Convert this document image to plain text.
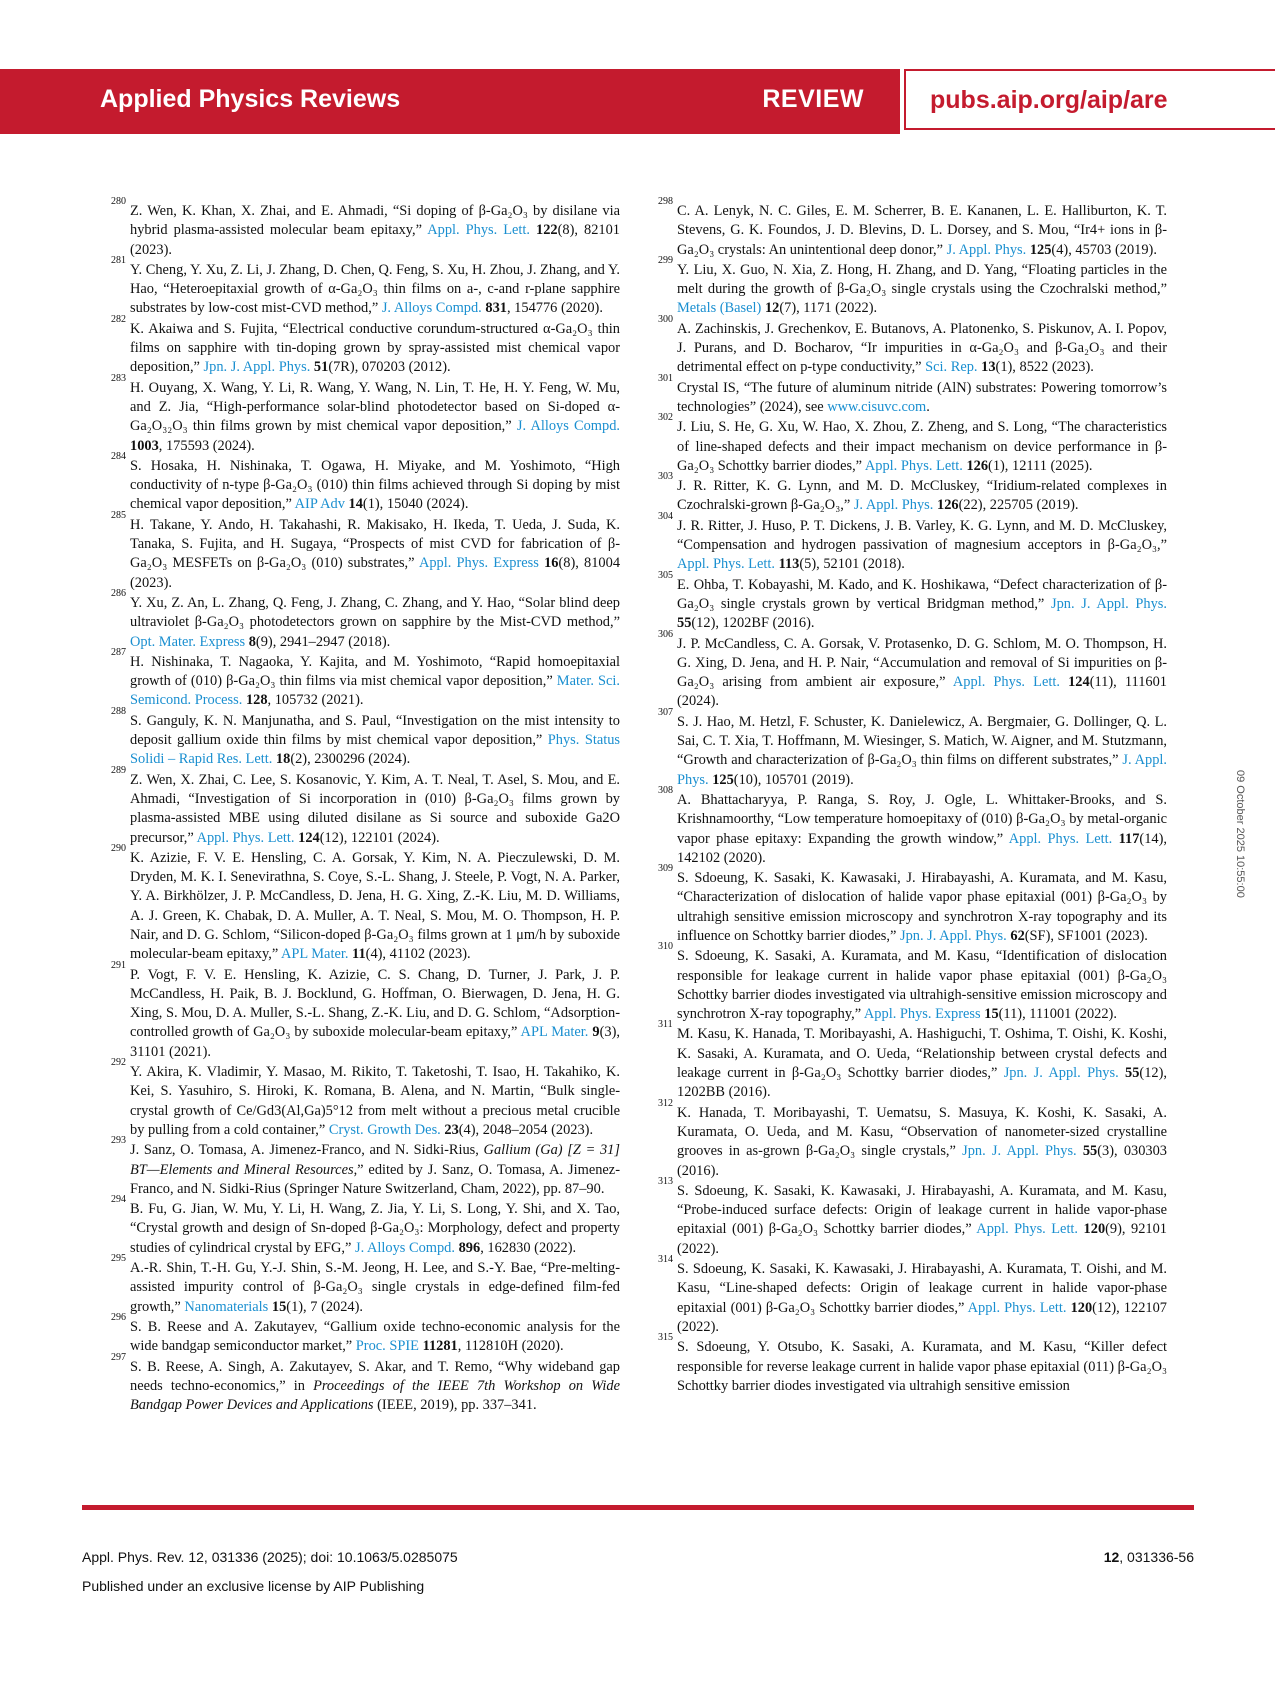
Applied Physics Reviews	REVIEW	pubs.aip.org/aip/are
280
Z. Wen, K. Khan, X. Zhai, and E. Ahmadi, “Si doping of β-Ga₂O₃ by disilane via hybrid plasma-assisted molecular beam epitaxy,” Appl. Phys. Lett. 122(8), 82101 (2023).
281
Y. Cheng, Y. Xu, Z. Li, J. Zhang, D. Chen, Q. Feng, S. Xu, H. Zhou, J. Zhang, and Y. Hao, “Heteroepitaxial growth of α-Ga₂O₃ thin films on a-, c-and r-plane sapphire substrates by low-cost mist-CVD method,” J. Alloys Compd. 831, 154776 (2020).
282
K. Akaiwa and S. Fujita, “Electrical conductive corundum-structured α-Ga₂O₃ thin films on sapphire with tin-doping grown by spray-assisted mist chemical vapor deposition,” Jpn. J. Appl. Phys. 51(7R), 070203 (2012).
283
H. Ouyang, X. Wang, Y. Li, R. Wang, Y. Wang, N. Lin, T. He, H. Y. Feng, W. Mu, and Z. Jia, “High-performance solar-blind photodetector based on Si-doped α-Ga₂O₃₂O₃ thin films grown by mist chemical vapor deposition,” J. Alloys Compd. 1003, 175593 (2024).
284
S. Hosaka, H. Nishinaka, T. Ogawa, H. Miyake, and M. Yoshimoto, “High conductivity of n-type β-Ga₂O₃ (010) thin films achieved through Si doping by mist chemical vapor deposition,” AIP Adv 14(1), 15040 (2024).
285
H. Takane, Y. Ando, H. Takahashi, R. Makisako, H. Ikeda, T. Ueda, J. Suda, K. Tanaka, S. Fujita, and H. Sugaya, “Prospects of mist CVD for fabrication of β-Ga₂O₃ MESFETs on β-Ga₂O₃ (010) substrates,” Appl. Phys. Express 16(8), 81004 (2023).
286
Y. Xu, Z. An, L. Zhang, Q. Feng, J. Zhang, C. Zhang, and Y. Hao, “Solar blind deep ultraviolet β-Ga₂O₃ photodetectors grown on sapphire by the Mist-CVD method,” Opt. Mater. Express 8(9), 2941–2947 (2018).
287
H. Nishinaka, T. Nagaoka, Y. Kajita, and M. Yoshimoto, “Rapid homoepitaxial growth of (010) β-Ga₂O₃ thin films via mist chemical vapor deposition,” Mater. Sci. Semicond. Process. 128, 105732 (2021).
288
S. Ganguly, K. N. Manjunatha, and S. Paul, “Investigation on the mist intensity to deposit gallium oxide thin films by mist chemical vapor deposition,” Phys. Status Solidi – Rapid Res. Lett. 18(2), 2300296 (2024).
289
Z. Wen, X. Zhai, C. Lee, S. Kosanovic, Y. Kim, A. T. Neal, T. Asel, S. Mou, and E. Ahmadi, “Investigation of Si incorporation in (010) β-Ga₂O₃ films grown by plasma-assisted MBE using diluted disilane as Si source and suboxide Ga2O precursor,” Appl. Phys. Lett. 124(12), 122101 (2024).
290
K. Azizie, F. V. E. Hensling, C. A. Gorsak, Y. Kim, N. A. Pieczulewski, D. M. Dryden, M. K. I. Senevirathna, S. Coye, S.-L. Shang, J. Steele, P. Vogt, N. A. Parker, Y. A. Birkhölzer, J. P. McCandless, D. Jena, H. G. Xing, Z.-K. Liu, M. D. Williams, A. J. Green, K. Chabak, D. A. Muller, A. T. Neal, S. Mou, M. O. Thompson, H. P. Nair, and D. G. Schlom, “Silicon-doped β-Ga₂O₃ films grown at 1 μm/h by suboxide molecular-beam epitaxy,” APL Mater. 11(4), 41102 (2023).
291
P. Vogt, F. V. E. Hensling, K. Azizie, C. S. Chang, D. Turner, J. Park, J. P. McCandless, H. Paik, B. J. Bocklund, G. Hoffman, O. Bierwagen, D. Jena, H. G. Xing, S. Mou, D. A. Muller, S.-L. Shang, Z.-K. Liu, and D. G. Schlom, “Adsorption-controlled growth of Ga₂O₃ by suboxide molecular-beam epitaxy,” APL Mater. 9(3), 31101 (2021).
292
Y. Akira, K. Vladimir, Y. Masao, M. Rikito, T. Taketoshi, T. Isao, H. Takahiko, K. Kei, S. Yasuhiro, S. Hiroki, K. Romana, B. Alena, and N. Martin, “Bulk single-crystal growth of Ce/Gd3(Al,Ga)5°12 from melt without a precious metal crucible by pulling from a cold container,” Cryst. Growth Des. 23(4), 2048–2054 (2023).
293
J. Sanz, O. Tomasa, A. Jimenez-Franco, and N. Sidki-Rius, Gallium (Ga) [Z = 31] BT—Elements and Mineral Resources,” edited by J. Sanz, O. Tomasa, A. Jimenez-Franco, and N. Sidki-Rius (Springer Nature Switzerland, Cham, 2022), pp. 87–90.
294
B. Fu, G. Jian, W. Mu, Y. Li, H. Wang, Z. Jia, Y. Li, S. Long, Y. Shi, and X. Tao, “Crystal growth and design of Sn-doped β-Ga₂O₃: Morphology, defect and property studies of cylindrical crystal by EFG,” J. Alloys Compd. 896, 162830 (2022).
295
A.-R. Shin, T.-H. Gu, Y.-J. Shin, S.-M. Jeong, H. Lee, and S.-Y. Bae, “Pre-melting-assisted impurity control of β-Ga₂O₃ single crystals in edge-defined film-fed growth,” Nanomaterials 15(1), 7 (2024).
296
S. B. Reese and A. Zakutayev, “Gallium oxide techno-economic analysis for the wide bandgap semiconductor market,” Proc. SPIE 11281, 112810H (2020).
297
S. B. Reese, A. Singh, A. Zakutayev, S. Akar, and T. Remo, “Why wideband gap needs techno-economics,” in Proceedings of the IEEE 7th Workshop on Wide Bandgap Power Devices and Applications (IEEE, 2019), pp. 337–341.
298
C. A. Lenyk, N. C. Giles, E. M. Scherrer, B. E. Kananen, L. E. Halliburton, K. T. Stevens, G. K. Foundos, J. D. Blevins, D. L. Dorsey, and S. Mou, “Ir4+ ions in β-Ga₂O₃ crystals: An unintentional deep donor,” J. Appl. Phys. 125(4), 45703 (2019).
299
Y. Liu, X. Guo, N. Xia, Z. Hong, H. Zhang, and D. Yang, “Floating particles in the melt during the growth of β-Ga₂O₃ single crystals using the Czochralski method,” Metals (Basel) 12(7), 1171 (2022).
300
A. Zachinskis, J. Grechenkov, E. Butanovs, A. Platonenko, S. Piskunov, A. I. Popov, J. Purans, and D. Bocharov, “Ir impurities in α-Ga₂O₃ and β-Ga₂O₃ and their detrimental effect on p-type conductivity,” Sci. Rep. 13(1), 8522 (2023).
301
Crystal IS, “The future of aluminum nitride (AlN) substrates: Powering tomorrow’s technologies” (2024), see www.cisuvc.com.
302
J. Liu, S. He, G. Xu, W. Hao, X. Zhou, Z. Zheng, and S. Long, “The characteristics of line-shaped defects and their impact mechanism on device performance in β-Ga₂O₃ Schottky barrier diodes,” Appl. Phys. Lett. 126(1), 12111 (2025).
303
J. R. Ritter, K. G. Lynn, and M. D. McCluskey, “Iridium-related complexes in Czochralski-grown β-Ga₂O₃,” J. Appl. Phys. 126(22), 225705 (2019).
304
J. R. Ritter, J. Huso, P. T. Dickens, J. B. Varley, K. G. Lynn, and M. D. McCluskey, “Compensation and hydrogen passivation of magnesium acceptors in β-Ga₂O₃,” Appl. Phys. Lett. 113(5), 52101 (2018).
305
E. Ohba, T. Kobayashi, M. Kado, and K. Hoshikawa, “Defect characterization of β-Ga₂O₃ single crystals grown by vertical Bridgman method,” Jpn. J. Appl. Phys. 55(12), 1202BF (2016).
306
J. P. McCandless, C. A. Gorsak, V. Protasenko, D. G. Schlom, M. O. Thompson, H. G. Xing, D. Jena, and H. P. Nair, “Accumulation and removal of Si impurities on β-Ga₂O₃ arising from ambient air exposure,” Appl. Phys. Lett. 124(11), 111601 (2024).
307
S. J. Hao, M. Hetzl, F. Schuster, K. Danielewicz, A. Bergmaier, G. Dollinger, Q. L. Sai, C. T. Xia, T. Hoffmann, M. Wiesinger, S. Matich, W. Aigner, and M. Stutzmann, “Growth and characterization of β-Ga₂O₃ thin films on different substrates,” J. Appl. Phys. 125(10), 105701 (2019).
308
A. Bhattacharyya, P. Ranga, S. Roy, J. Ogle, L. Whittaker-Brooks, and S. Krishnamoorthy, “Low temperature homoepitaxy of (010) β-Ga₂O₃ by metal-organic vapor phase epitaxy: Expanding the growth window,” Appl. Phys. Lett. 117(14), 142102 (2020).
309
S. Sdoeung, K. Sasaki, K. Kawasaki, J. Hirabayashi, A. Kuramata, and M. Kasu, “Characterization of dislocation of halide vapor phase epitaxial (001) β-Ga₂O₃ by ultrahigh sensitive emission microscopy and synchrotron X-ray topography and its influence on Schottky barrier diodes,” Jpn. J. Appl. Phys. 62(SF), SF1001 (2023).
310
S. Sdoeung, K. Sasaki, A. Kuramata, and M. Kasu, “Identification of dislocation responsible for leakage current in halide vapor phase epitaxial (001) β-Ga₂O₃ Schottky barrier diodes investigated via ultrahigh-sensitive emission microscopy and synchrotron X-ray topography,” Appl. Phys. Express 15(11), 111001 (2022).
311
M. Kasu, K. Hanada, T. Moribayashi, A. Hashiguchi, T. Oshima, T. Oishi, K. Koshi, K. Sasaki, A. Kuramata, and O. Ueda, “Relationship between crystal defects and leakage current in β-Ga₂O₃ Schottky barrier diodes,” Jpn. J. Appl. Phys. 55(12), 1202BB (2016).
312
K. Hanada, T. Moribayashi, T. Uematsu, S. Masuya, K. Koshi, K. Sasaki, A. Kuramata, O. Ueda, and M. Kasu, “Observation of nanometer-sized crystalline grooves in as-grown β-Ga₂O₃ single crystals,” Jpn. J. Appl. Phys. 55(3), 030303 (2016).
313
S. Sdoeung, K. Sasaki, K. Kawasaki, J. Hirabayashi, A. Kuramata, and M. Kasu, “Probe-induced surface defects: Origin of leakage current in halide vapor-phase epitaxial (001) β-Ga₂O₃ Schottky barrier diodes,” Appl. Phys. Lett. 120(9), 92101 (2022).
314
S. Sdoeung, K. Sasaki, K. Kawasaki, J. Hirabayashi, A. Kuramata, T. Oishi, and M. Kasu, “Line-shaped defects: Origin of leakage current in halide vapor-phase epitaxial (001) β-Ga₂O₃ Schottky barrier diodes,” Appl. Phys. Lett. 120(12), 122107 (2022).
315
S. Sdoeung, Y. Otsubo, K. Sasaki, A. Kuramata, and M. Kasu, “Killer defect responsible for reverse leakage current in halide vapor phase epitaxial (011) β-Ga₂O₃ Schottky barrier diodes investigated via ultrahigh sensitive emission
09 October 2025 10:55:00
Appl. Phys. Rev. 12, 031336 (2025); doi: 10.1063/5.0285075	12, 031336-56
Published under an exclusive license by AIP Publishing
